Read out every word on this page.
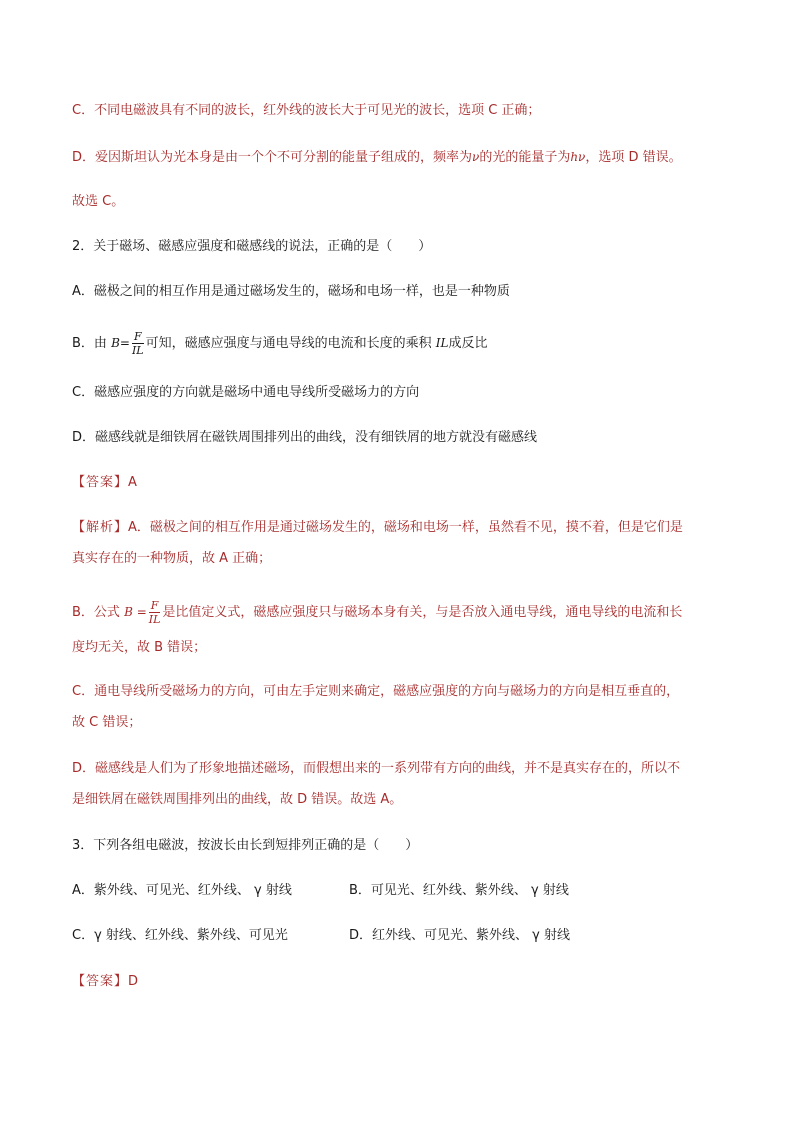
C．不同电磁波具有不同的波长，红外线的波长大于可见光的波长，选项 C 正确；
D．爱因斯坦认为光本身是由一个个不可分割的能量子组成的，频率为ν的光的能量子为hν，选项 D 错误。
故选 C。
2．关于磁场、磁感应强度和磁感线的说法，正确的是（　　）
A．磁极之间的相互作用是通过磁场发生的，磁场和电场一样，也是一种物质
B．由 $B= \frac{F}{IL}$ 可知，磁感应强度与通电导线的电流和长度的乘积 IL成反比
C．磁感应强度的方向就是磁场中通电导线所受磁场力的方向
D．磁感线就是细铁屑在磁铁周围排列出的曲线，没有细铁屑的地方就没有磁感线
【答案】A
【解析】A．磁极之间的相互作用是通过磁场发生的，磁场和电场一样，虽然看不见，摸不着，但是它们是
真实存在的一种物质，故 A 正确；
B．公式 $B = \frac{F}{IL}$ 是比值定义式，磁感应强度只与磁场本身有关，与是否放入通电导线，通电导线的电流和长
度均无关，故 B 错误；
C．通电导线所受磁场力的方向，可由左手定则来确定，磁感应强度的方向与磁场力的方向是相互垂直的，
故 C 错误；
D．磁感线是人们为了形象地描述磁场，而假想出来的一系列带有方向的曲线，并不是真实存在的，所以不
是细铁屑在磁铁周围排列出的曲线，故 D 错误。故选 A。
3．下列各组电磁波，按波长由长到短排列正确的是（　　）
A．紫外线、可见光、红外线、 γ 射线	B．可见光、红外线、紫外线、 γ 射线
C．γ 射线、红外线、紫外线、可见光	D．红外线、可见光、紫外线、 γ 射线
【答案】D
